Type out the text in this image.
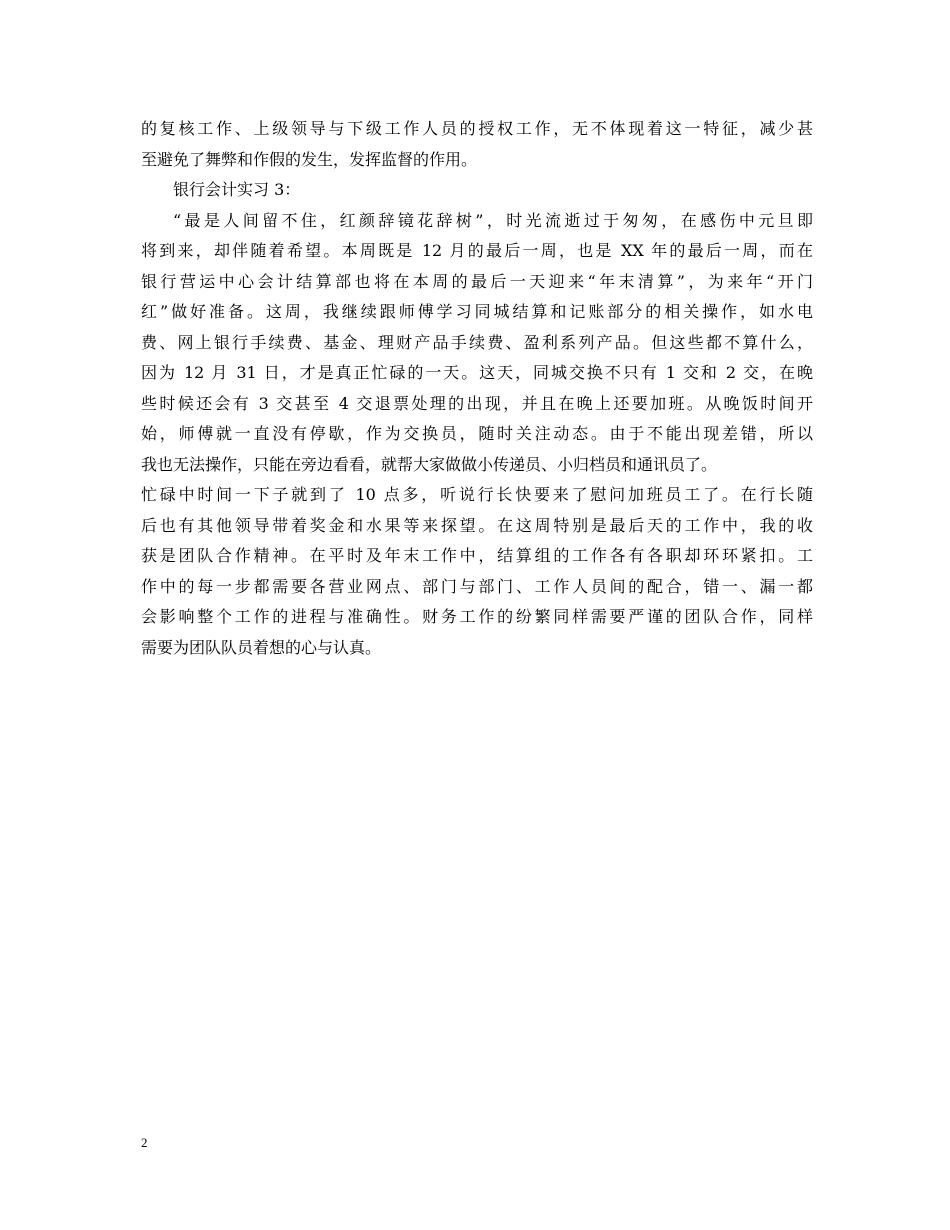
的复核工作、上级领导与下级工作人员的授权工作，无不体现着这一特征，减少甚
至避免了舞弊和作假的发生，发挥监督的作用。
银行会计实习 3：
“最是人间留不住，红颜辞镜花辞树”，时光流逝过于匆匆，在感伤中元旦即
将到来，却伴随着希望。本周既是 12 月的最后一周，也是 XX 年的最后一周，而在
银行营运中心会计结算部也将在本周的最后一天迎来“年末清算”，为来年“开门
红”做好准备。这周，我继续跟师傅学习同城结算和记账部分的相关操作，如水电
费、网上银行手续费、基金、理财产品手续费、盈利系列产品。但这些都不算什么，
因为 12 月 31 日，才是真正忙碌的一天。这天，同城交换不只有 1 交和 2 交，在晚
些时候还会有 3 交甚至 4 交退票处理的出现，并且在晚上还要加班。从晚饭时间开
始，师傅就一直没有停歇，作为交换员，随时关注动态。由于不能出现差错，所以
我也无法操作，只能在旁边看看，就帮大家做做小传递员、小归档员和通讯员了。
忙碌中时间一下子就到了 10 点多，听说行长快要来了慰问加班员工了。在行长随
后也有其他领导带着奖金和水果等来探望。在这周特别是最后天的工作中，我的收
获是团队合作精神。在平时及年末工作中，结算组的工作各有各职却环环紧扣。工
作中的每一步都需要各营业网点、部门与部门、工作人员间的配合，错一、漏一都
会影响整个工作的进程与准确性。财务工作的纷繁同样需要严谨的团队合作，同样
需要为团队队员着想的心与认真。
2
